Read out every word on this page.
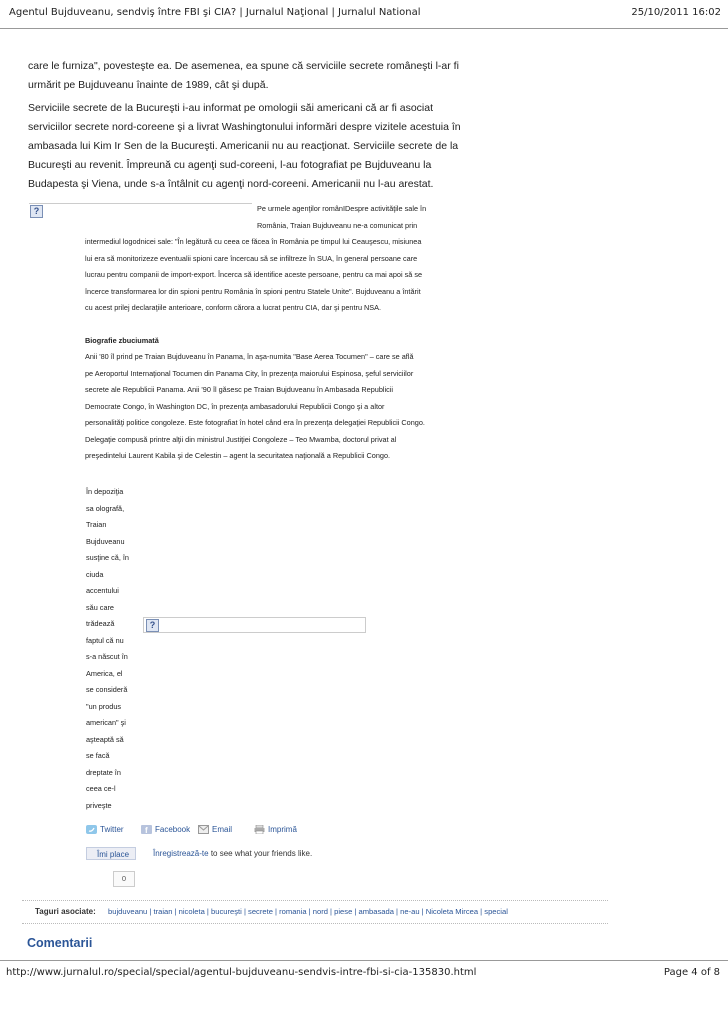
Agentul Bujduveanu, sendviş între FBI şi CIA? | Jurnalul Naţional | Jurnalul National	25/10/2011 16:02
care le furniza", povesteşte ea. De asemenea, ea spune că serviciile secrete româneşti l-ar fi
urmărit pe Bujduveanu înainte de 1989, cât şi după.
Serviciile secrete de la Bucureşti i-au informat pe omologii săi americani că ar fi asociat
serviciilor secrete nord-coreene şi a livrat Washingtonului informări despre vizitele acestuia în
ambasada lui Kim Ir Sen de la Bucureşti. Americanii nu au reacţionat. Serviciile secrete de la
Bucureşti au revenit. Împreună cu agenţi sud-coreeni, l-au fotografiat pe Bujduveanu la
Budapesta şi Viena, unde s-a întâlnit cu agenţi nord-coreeni. Americanii nu l-au arestat.
?	Pe urmele agenţilor românIDespre activităţile sale în
România, Traian Bujduveanu ne-a comunicat prin
intermediul logodnicei sale: "În legătură cu ceea ce făcea în România pe timpul lui Ceauşescu, misiunea
lui era să monitorizeze eventualii spioni care încercau să se infiltreze în SUA, în general persoane care
lucrau pentru companii de import-export. Încerca să identifice aceste persoane, pentru ca mai apoi să se
încerce transformarea lor din spioni pentru România în spioni pentru Statele Unite". Bujduveanu a întărit
cu acest prilej declaraţiile anterioare, conform cărora a lucrat pentru CIA, dar şi pentru NSA.
Biografie zbuciumată
Anii '80 îl prind pe Traian Bujduveanu în Panama, în aşa-numita "Base Aerea Tocumen" – care se află
pe Aeroportul Internaţional Tocumen din Panama City, în prezenţa maiorului Espinosa, şeful serviciilor
secrete ale Republicii Panama. Anii '90 îl găsesc pe Traian Bujduveanu în Ambasada Republicii
Democrate Congo, în Washington DC, în prezenţa ambasadorului Republicii Congo şi a altor
personalităţi politice congoleze. Este fotografiat în hotel când era în prezenţa delegaţiei Republicii Congo.
Delegaţie compusă printre alţii din ministrul Justiţiei Congoleze – Teo Mwamba, doctorul privat al
preşedintelui Laurent Kabila şi de Celestin – agent la securitatea naţională a Republicii Congo.
În depoziţia
sa olografă,
Traian
Bujduveanu
susţine că, în
ciuda
accentului
său care
trădează
faptul că nu
s-a născut în
America, el
se consideră
"un produs
american" şi
aşteaptă să
se facă
dreptate în
ceea ce-l
priveşte
?
Twitter	f Facebook	Email	Imprimă
Îmi place	Înregistrează-te to see what your friends like.
0
Taguri asociate: bujduveanu | traian | nicoleta | bucureşti | secrete | romania | nord | piese | ambasada | ne-au | Nicoleta Mircea | special
Comentarii
http://www.jurnalul.ro/special/special/agentul-bujduveanu-sendvis-intre-fbi-si-cia-135830.html	Page 4 of 8
